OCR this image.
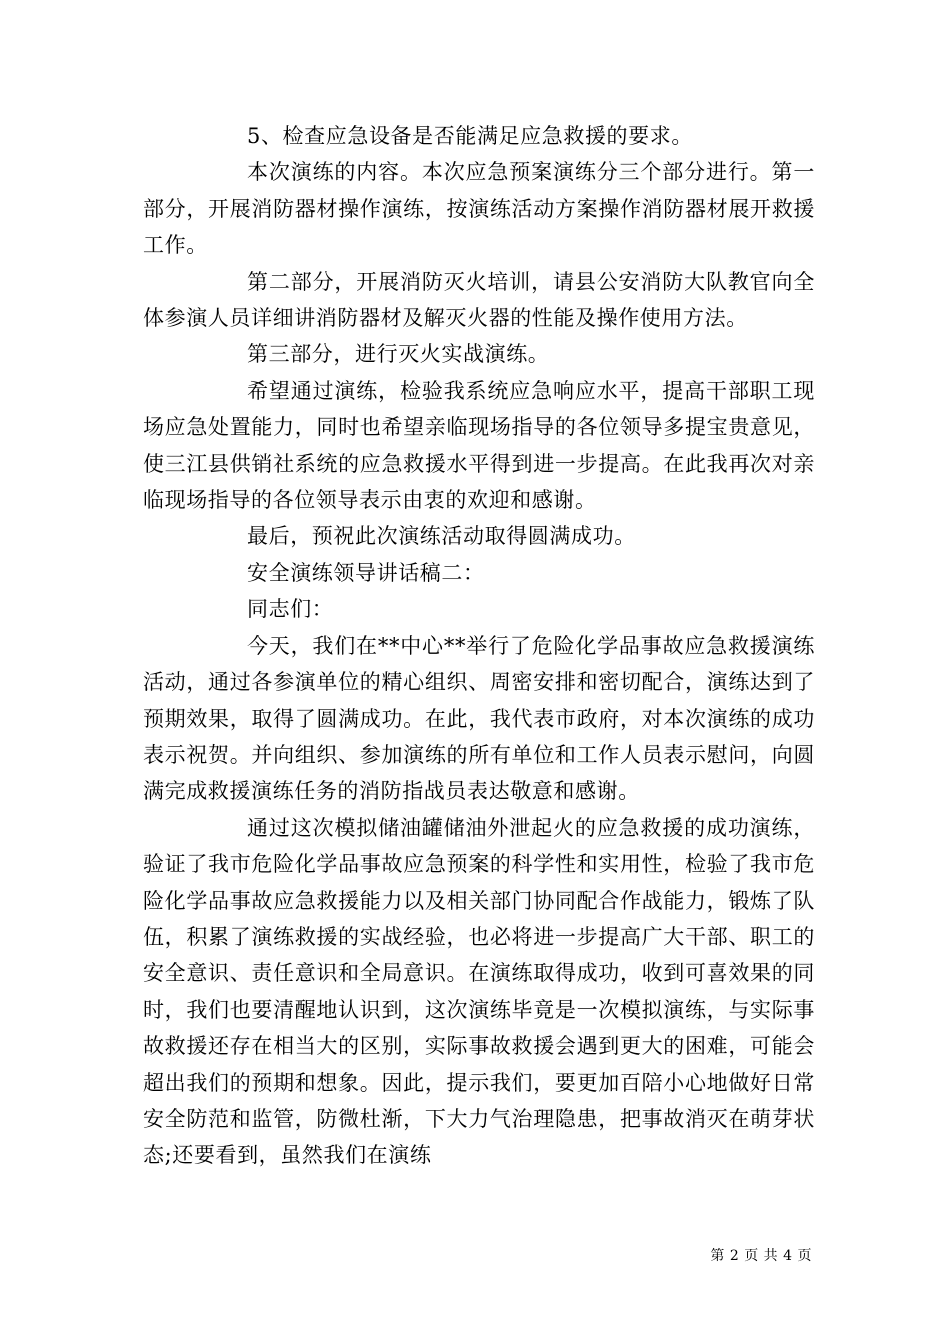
5、检查应急设备是否能满足应急救援的要求。

本次演练的内容。本次应急预案演练分三个部分进行。第一部分，开展消防器材操作演练，按演练活动方案操作消防器材展开救援工作。

第二部分，开展消防灭火培训，请县公安消防大队教官向全体参演人员详细讲消防器材及解灭火器的性能及操作使用方法。

第三部分，进行灭火实战演练。

希望通过演练，检验我系统应急响应水平，提高干部职工现场应急处置能力，同时也希望亲临现场指导的各位领导多提宝贵意见，使三江县供销社系统的应急救援水平得到进一步提高。在此我再次对亲临现场指导的各位领导表示由衷的欢迎和感谢。

最后，预祝此次演练活动取得圆满成功。

安全演练领导讲话稿二：

同志们：

今天，我们在**中心**举行了危险化学品事故应急救援演练活动，通过各参演单位的精心组织、周密安排和密切配合，演练达到了预期效果，取得了圆满成功。在此，我代表市政府，对本次演练的成功表示祝贺。并向组织、参加演练的所有单位和工作人员表示慰问，向圆满完成救援演练任务的消防指战员表达敬意和感谢。

通过这次模拟储油罐储油外泄起火的应急救援的成功演练，验证了我市危险化学品事故应急预案的科学性和实用性，检验了我市危险化学品事故应急救援能力以及相关部门协同配合作战能力，锻炼了队伍，积累了演练救援的实战经验，也必将进一步提高广大干部、职工的安全意识、责任意识和全局意识。在演练取得成功，收到可喜效果的同时，我们也要清醒地认识到，这次演练毕竟是一次模拟演练，与实际事故救援还存在相当大的区别，实际事故救援会遇到更大的困难，可能会超出我们的预期和想象。因此，提示我们，要更加百陪小心地做好日常安全防范和监管，防微杜渐，下大力气治理隐患，把事故消灭在萌芽状态;还要看到，虽然我们在演练

第 2 页 共 4 页
